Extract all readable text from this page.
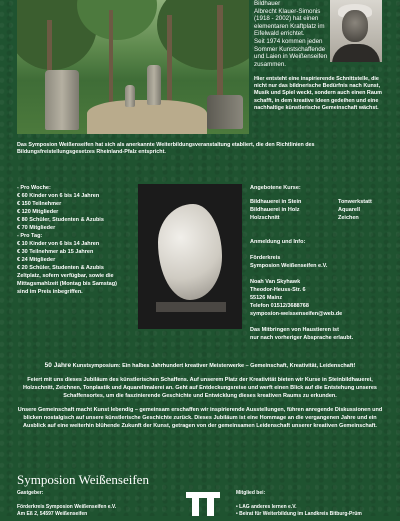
Bildhauer
Albrecht Klauer-Simonis
(1918 - 2002) hat einen
elementaren Kraftplatz im
Eifelwald errichtet.
Seit 1974 kommen jeden
Sommer Kunstschaffende
und Laien in Weißenseifen
zusammen.
Hier entsteht eine inspirierende Schnittstelle, die nicht nur das bildnerische Bedürfnis nach Kunst, Musik und Spiel weckt, sondern auch einen Raum schafft, in dem kreative Ideen gedeihen und eine nachhaltige künstlerische Gemeinschaft wächst.
Das Symposion Weißenseifen hat sich als anerkannte Weiterbildungsveranstaltung etabliert, die den Richtlinien des Bildungsfreistellungsgesetzes Rheinland-Pfalz entspricht.
- Pro Woche:
€ 60 Kinder von 6 bis 14 Jahren
€ 150 Teilnehmer
€ 120 Mitglieder
€ 80 Schüler, Studenten & Azubis
€ 70 Mitglieder
- Pro Tag:
€ 10 Kinder von 6 bis 14 Jahren
€ 30 Teilnehmer ab 15 Jahren
€ 24 Mitglieder
€ 20 Schüler, Studenten & Azubis
Zeltplatz, sofern verfügbar, sowie die
Mittagsmahlzeit (Montag bis Samstag)
sind im Preis inbegriffen.
Angebotene Kurse:
Bildhauerei in Stein
Bildhauerei in Holz
Holzschnitt
Tonwerkstatt
Aquarell
Zeichen
Anmeldung und Info:

Förderkreis
Symposion Weißenseifen e.V.

Noah Van Skyhawk
Theodor-Heuss-Str. 6
55126 Mainz
Telefon 01512/3688768
symposion-weissenseifen@web.de

Das Mitbringen von Haustieren ist
nur nach vorheriger Absprache erlaubt.

50 Jahre Kunstsymposium: Ein halbes Jahrhundert kreativer Meisterwerke – Gemeinschaft, Kreativität, Leidenschaft!

Feiert mit uns dieses Jubiläum des künstlerischen Schaffens. Auf unserem Platz der Kreativität bieten wir Kurse in Steinbildhauerei, Holzschnitt, Zeichnen, Tonplastik und Aquarellmalerei an. Geht auf Entdeckungsreise und werft einen Blick auf die Entstehung unseres Schaffensortes, um die faszinierende Geschichte und Entwicklung dieses kreativen Raums zu erkunden.

Unsere Gemeinschaft macht Kunst lebendig – gemeinsam erschaffen wir inspirierende Ausstellungen, führen anregende Diskussionen und blicken nostalgisch auf unsere künstlerische Geschichte zurück. Dieses Jubiläum ist eine Hommage an die vergangenen Jahre und ein Ausblick auf eine weiterhin blühende Zukunft der Kunst, getragen von der gemeinsamen Leidenschaft unserer kreativen Gemeinschaft.

Symposion Weißenseifen
Gastgeber:

Förderkreis Symposion Weißenseifen e.V.
Am Eß 2, 54597 Weißenseifen
Mitglied bei:

• LAG anderes lernen e.V.
• Beirat für Weiterbildung im Landkreis Bitburg-Prüm
